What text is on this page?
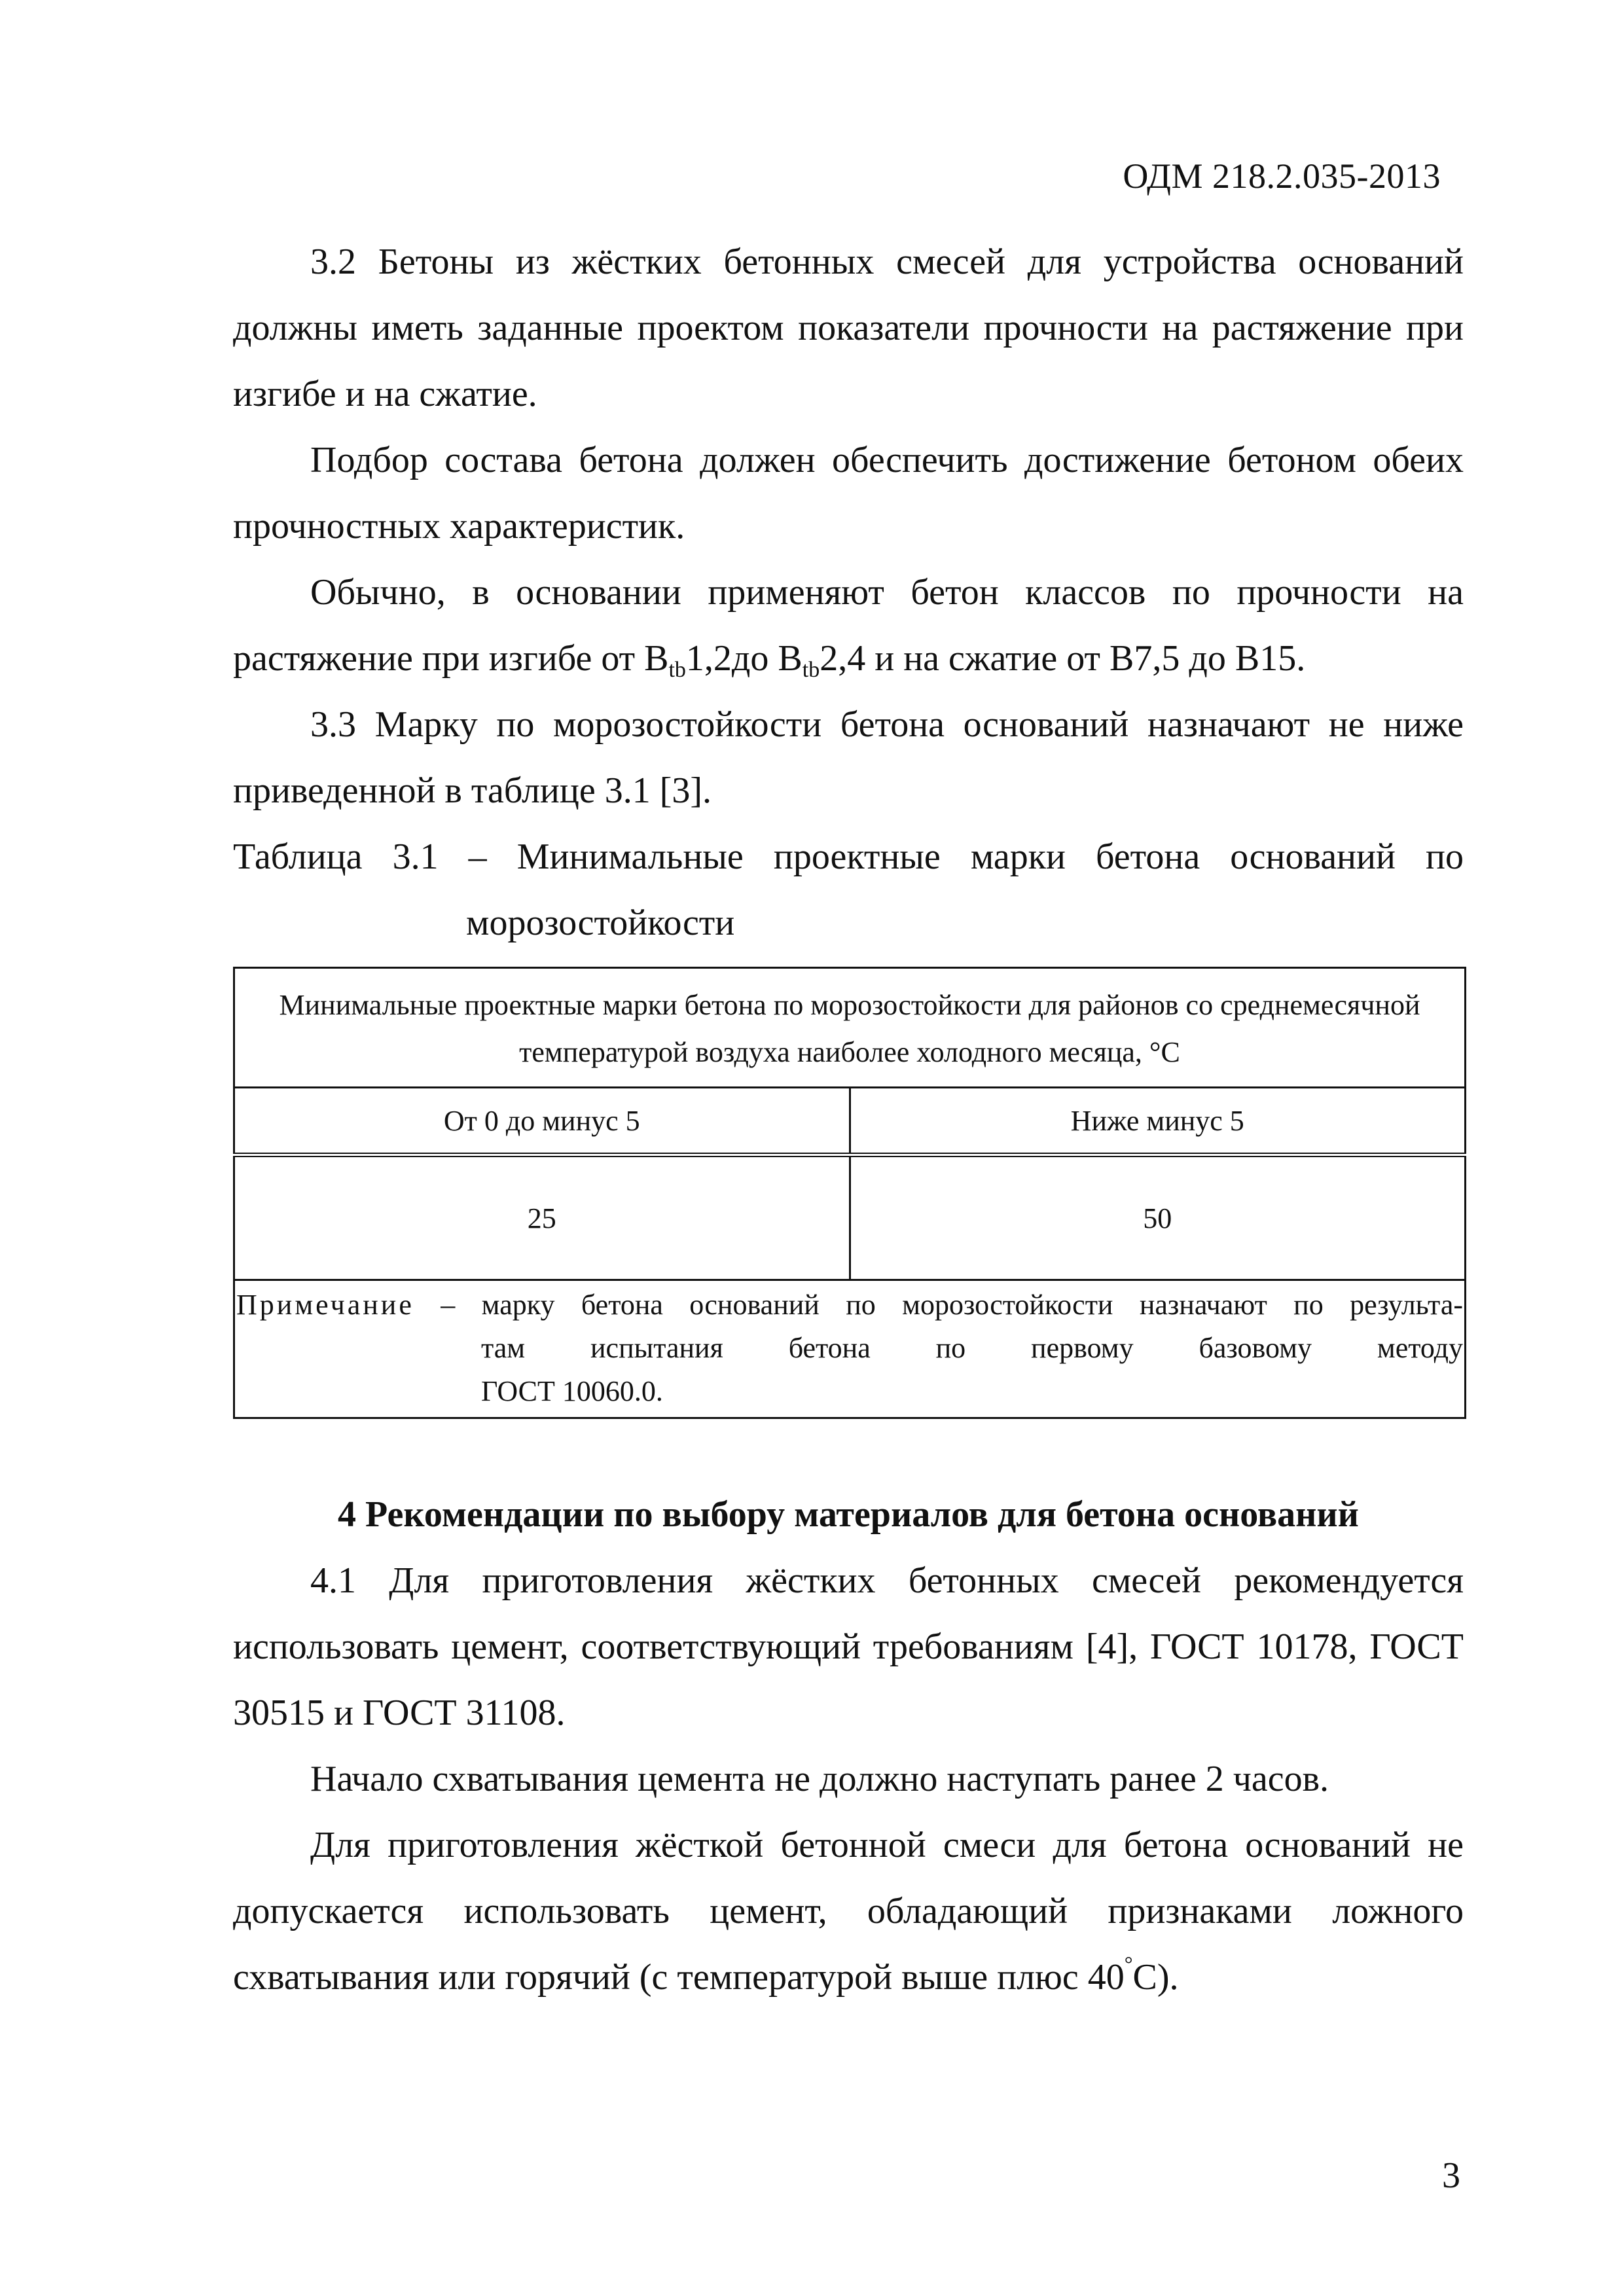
ОДМ 218.2.035-2013

3.2 Бетоны из жёстких бетонных смесей для устройства оснований должны иметь заданные проектом показатели прочности на растяжение при изгибе и на сжатие.

Подбор состава бетона должен обеспечить достижение бетоном обеих прочностных характеристик.

Обычно, в основании применяют бетон классов по прочности на растяжение при изгибе от $B_{tb}1,2до$ $B_{tb}2,4$ и на сжатие от B7,5 до B15.

3.3 Марку по морозостойкости бетона оснований назначают не ниже приведенной в таблице 3.1 [3].

Таблица 3.1 – Минимальные проектные марки бетона оснований по морозостойкости

Минимальные проектные марки бетона по морозостойкости для районов со среднемесячной температурой воздуха наиболее холодного месяца, °С	
От 0 до минус 5	Ниже минус 5
25	50

Примечание – марку бетона оснований по морозостойкости назначают по результа-
там испытания бетона по первому базовому методу
ГОСТ 10060.0.	
4 Рекомендации по выбору материалов для бетона оснований

4.1 Для приготовления жёстких бетонных смесей рекомендуется использовать цемент, соответствующий требованиям [4], ГОСТ 10178, ГОСТ 30515 и ГОСТ 31108.

Начало схватывания цемента не должно наступать ранее 2 часов.

Для приготовления жёсткой бетонной смеси для бетона оснований не допускается использовать цемент, обладающий признаками ложного схватывания или горячий (с температурой выше плюс 40°С).

3
